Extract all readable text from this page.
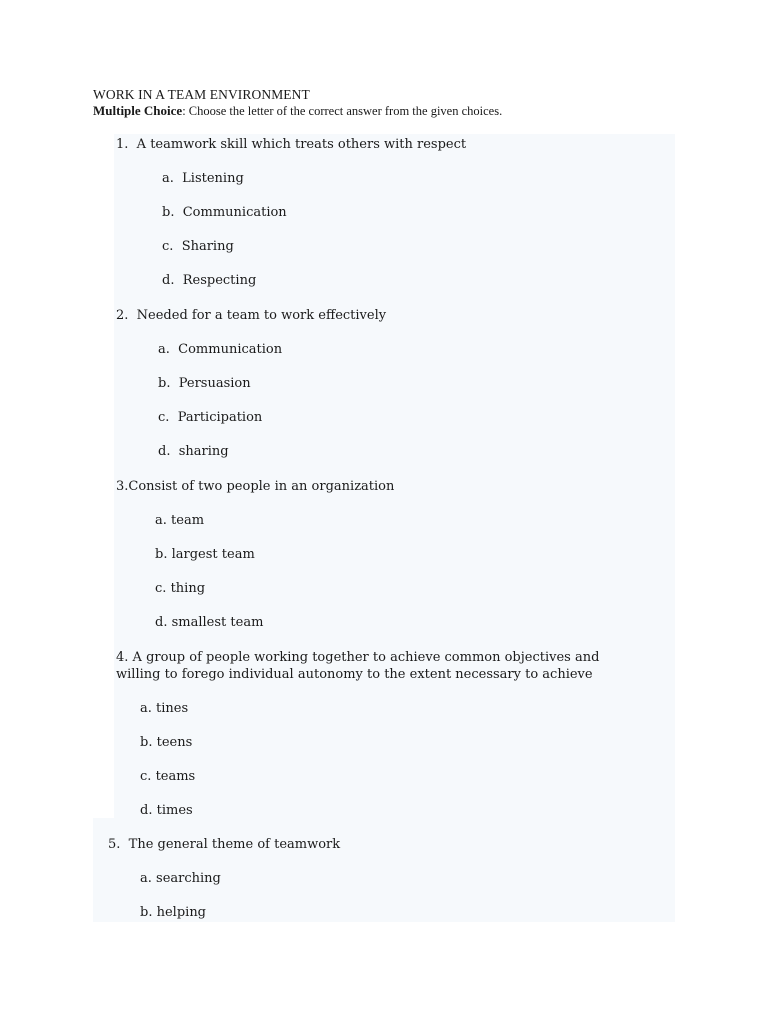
WORK IN A TEAM ENVIRONMENT
Multiple Choice: Choose the letter of the correct answer from the given choices.
1. A teamwork skill which treats others with respect
a. Listening
b. Communication
c. Sharing
d. Respecting
2. Needed for a team to work effectively
a. Communication
b. Persuasion
c. Participation
d. sharing
3.Consist of two people in an organization
a. team
b. largest team
c. thing
d. smallest team
4. A group of people working together to achieve common objectives and
willing to forego individual autonomy to the extent necessary to achieve
a. tines
b. teens
c. teams
d. times
5. The general theme of teamwork
a. searching
b. helping
